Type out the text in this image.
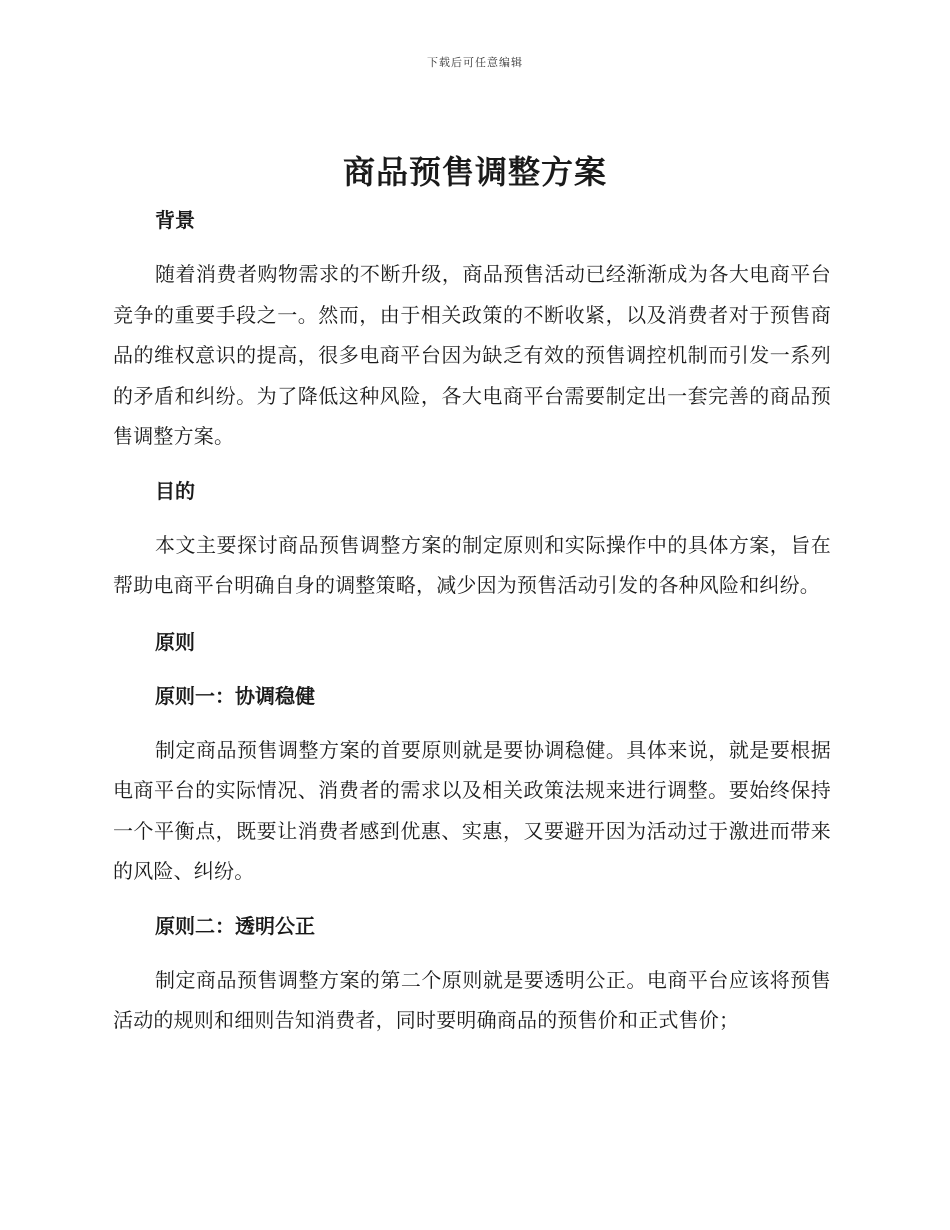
下载后可任意编辑
商品预售调整方案
背景

随着消费者购物需求的不断升级，商品预售活动已经渐渐成为各大电商平台竞争的重要手段之一。然而，由于相关政策的不断收紧，以及消费者对于预售商品的维权意识的提高，很多电商平台因为缺乏有效的预售调控机制而引发一系列的矛盾和纠纷。为了降低这种风险，各大电商平台需要制定出一套完善的商品预售调整方案。

目的

本文主要探讨商品预售调整方案的制定原则和实际操作中的具体方案，旨在帮助电商平台明确自身的调整策略，减少因为预售活动引发的各种风险和纠纷。

原则
原则一：协调稳健

制定商品预售调整方案的首要原则就是要协调稳健。具体来说，就是要根据电商平台的实际情况、消费者的需求以及相关政策法规来进行调整。要始终保持一个平衡点，既要让消费者感到优惠、实惠，又要避开因为活动过于激进而带来的风险、纠纷。

原则二：透明公正

制定商品预售调整方案的第二个原则就是要透明公正。电商平台应该将预售活动的规则和细则告知消费者，同时要明确商品的预售价和正式售价；
